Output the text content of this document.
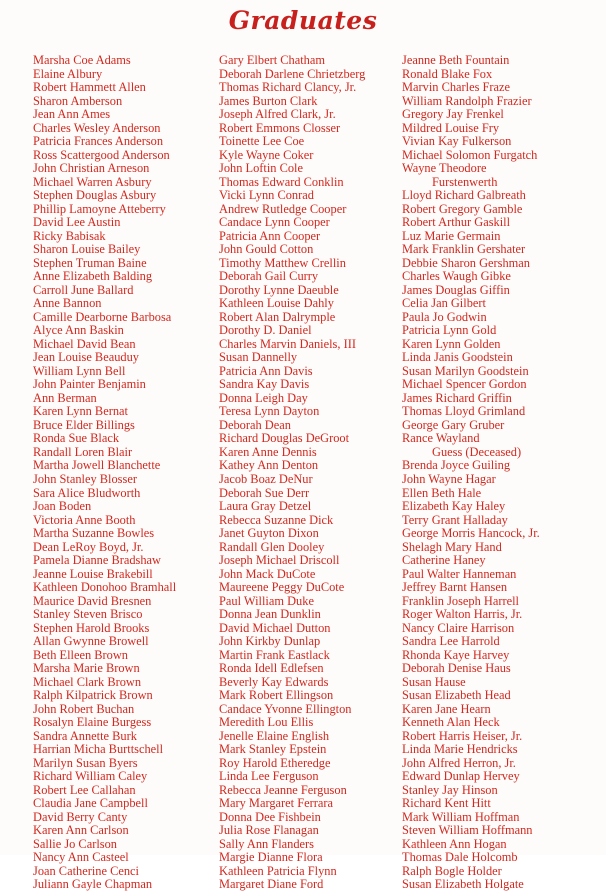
Graduates
Marsha Coe Adams
Elaine Albury
Robert Hammett Allen
Sharon Amberson
Jean Ann Ames
Charles Wesley Anderson
Patricia Frances Anderson
Ross Scattergood Anderson
John Christian Arneson
Michael Warren Asbury
Stephen Douglas Asbury
Phillip Lamoyne Atteberry
David Lee Austin
Ricky Babisak
Sharon Louise Bailey
Stephen Truman Baine
Anne Elizabeth Balding
Carroll June Ballard
Anne Bannon
Camille Dearborne Barbosa
Alyce Ann Baskin
Michael David Bean
Jean Louise Beauduy
William Lynn Bell
John Painter Benjamin
Ann Berman
Karen Lynn Bernat
Bruce Elder Billings
Ronda Sue Black
Randall Loren Blair
Martha Jowell Blanchette
John Stanley Blosser
Sara Alice Bludworth
Joan Boden
Victoria Anne Booth
Martha Suzanne Bowles
Dean LeRoy Boyd, Jr.
Pamela Dianne Bradshaw
Jeanne Louise Brakebill
Kathleen Donohoo Bramhall
Maurice David Bresnen
Stanley Steven Brisco
Stephen Harold Brooks
Allan Gwynne Browell
Beth Elleen Brown
Marsha Marie Brown
Michael Clark Brown
Ralph Kilpatrick Brown
John Robert Buchan
Rosalyn Elaine Burgess
Sandra Annette Burk
Harrian Micha Burttschell
Marilyn Susan Byers
Richard William Caley
Robert Lee Callahan
Claudia Jane Campbell
David Berry Canty
Karen Ann Carlson
Sallie Jo Carlson
Nancy Ann Casteel
Joan Catherine Cenci
Juliann Gayle Chapman
Gary Elbert Chatham
Deborah Darlene Chrietzberg
Thomas Richard Clancy, Jr.
James Burton Clark
Joseph Alfred Clark, Jr.
Robert Emmons Closser
Toinette Lee Coe
Kyle Wayne Coker
John Loftin Cole
Thomas Edward Conklin
Vicki Lynn Conrad
Andrew Rutledge Cooper
Candace Lynn Cooper
Patricia Ann Cooper
John Gould Cotton
Timothy Matthew Crellin
Deborah Gail Curry
Dorothy Lynne Daeuble
Kathleen Louise Dahly
Robert Alan Dalrymple
Dorothy D. Daniel
Charles Marvin Daniels, III
Susan Dannelly
Patricia Ann Davis
Sandra Kay Davis
Donna Leigh Day
Teresa Lynn Dayton
Deborah Dean
Richard Douglas DeGroot
Karen Anne Dennis
Kathey Ann Denton
Jacob Boaz DeNur
Deborah Sue Derr
Laura Gray Detzel
Rebecca Suzanne Dick
Janet Guyton Dixon
Randall Glen Dooley
Joseph Michael Driscoll
John Mack DuCote
Maureene Peggy DuCote
Paul William Duke
Donna Jean Dunklin
David Michael Dutton
John Kirkby Dunlap
Martin Frank Eastlack
Ronda Idell Edlefsen
Beverly Kay Edwards
Mark Robert Ellingson
Candace Yvonne Ellington
Meredith Lou Ellis
Jenelle Elaine English
Mark Stanley Epstein
Roy Harold Etheredge
Linda Lee Ferguson
Rebecca Jeanne Ferguson
Mary Margaret Ferrara
Donna Dee Fishbein
Julia Rose Flanagan
Sally Ann Flanders
Margie Dianne Flora
Kathleen Patricia Flynn
Margaret Diane Ford
Jeanne Beth Fountain
Ronald Blake Fox
Marvin Charles Fraze
William Randolph Frazier
Gregory Jay Frenkel
Mildred Louise Fry
Vivian Kay Fulkerson
Michael Solomon Furgatch
Wayne Theodore
Furstenwerth
Lloyd Richard Galbreath
Robert Gregory Gamble
Robert Arthur Gaskill
Luz Marie Germain
Mark Franklin Gershater
Debbie Sharon Gershman
Charles Waugh Gibke
James Douglas Giffin
Celia Jan Gilbert
Paula Jo Godwin
Patricia Lynn Gold
Karen Lynn Golden
Linda Janis Goodstein
Susan Marilyn Goodstein
Michael Spencer Gordon
James Richard Griffin
Thomas Lloyd Grimland
George Gary Gruber
Rance Wayland
Guess (Deceased)
Brenda Joyce Guiling
John Wayne Hagar
Ellen Beth Hale
Elizabeth Kay Haley
Terry Grant Halladay
George Morris Hancock, Jr.
Shelagh Mary Hand
Catherine Haney
Paul Walter Hanneman
Jeffrey Barnt Hansen
Franklin Joseph Harrell
Roger Walton Harris, Jr.
Nancy Claire Harrison
Sandra Lee Harrold
Rhonda Kaye Harvey
Deborah Denise Haus
Susan Hause
Susan Elizabeth Head
Karen Jane Hearn
Kenneth Alan Heck
Robert Harris Heiser, Jr.
Linda Marie Hendricks
John Alfred Herron, Jr.
Edward Dunlap Hervey
Stanley Jay Hinson
Richard Kent Hitt
Mark William Hoffman
Steven William Hoffmann
Kathleen Ann Hogan
Thomas Dale Holcomb
Ralph Bogle Holder
Susan Elizabeth Holgate
